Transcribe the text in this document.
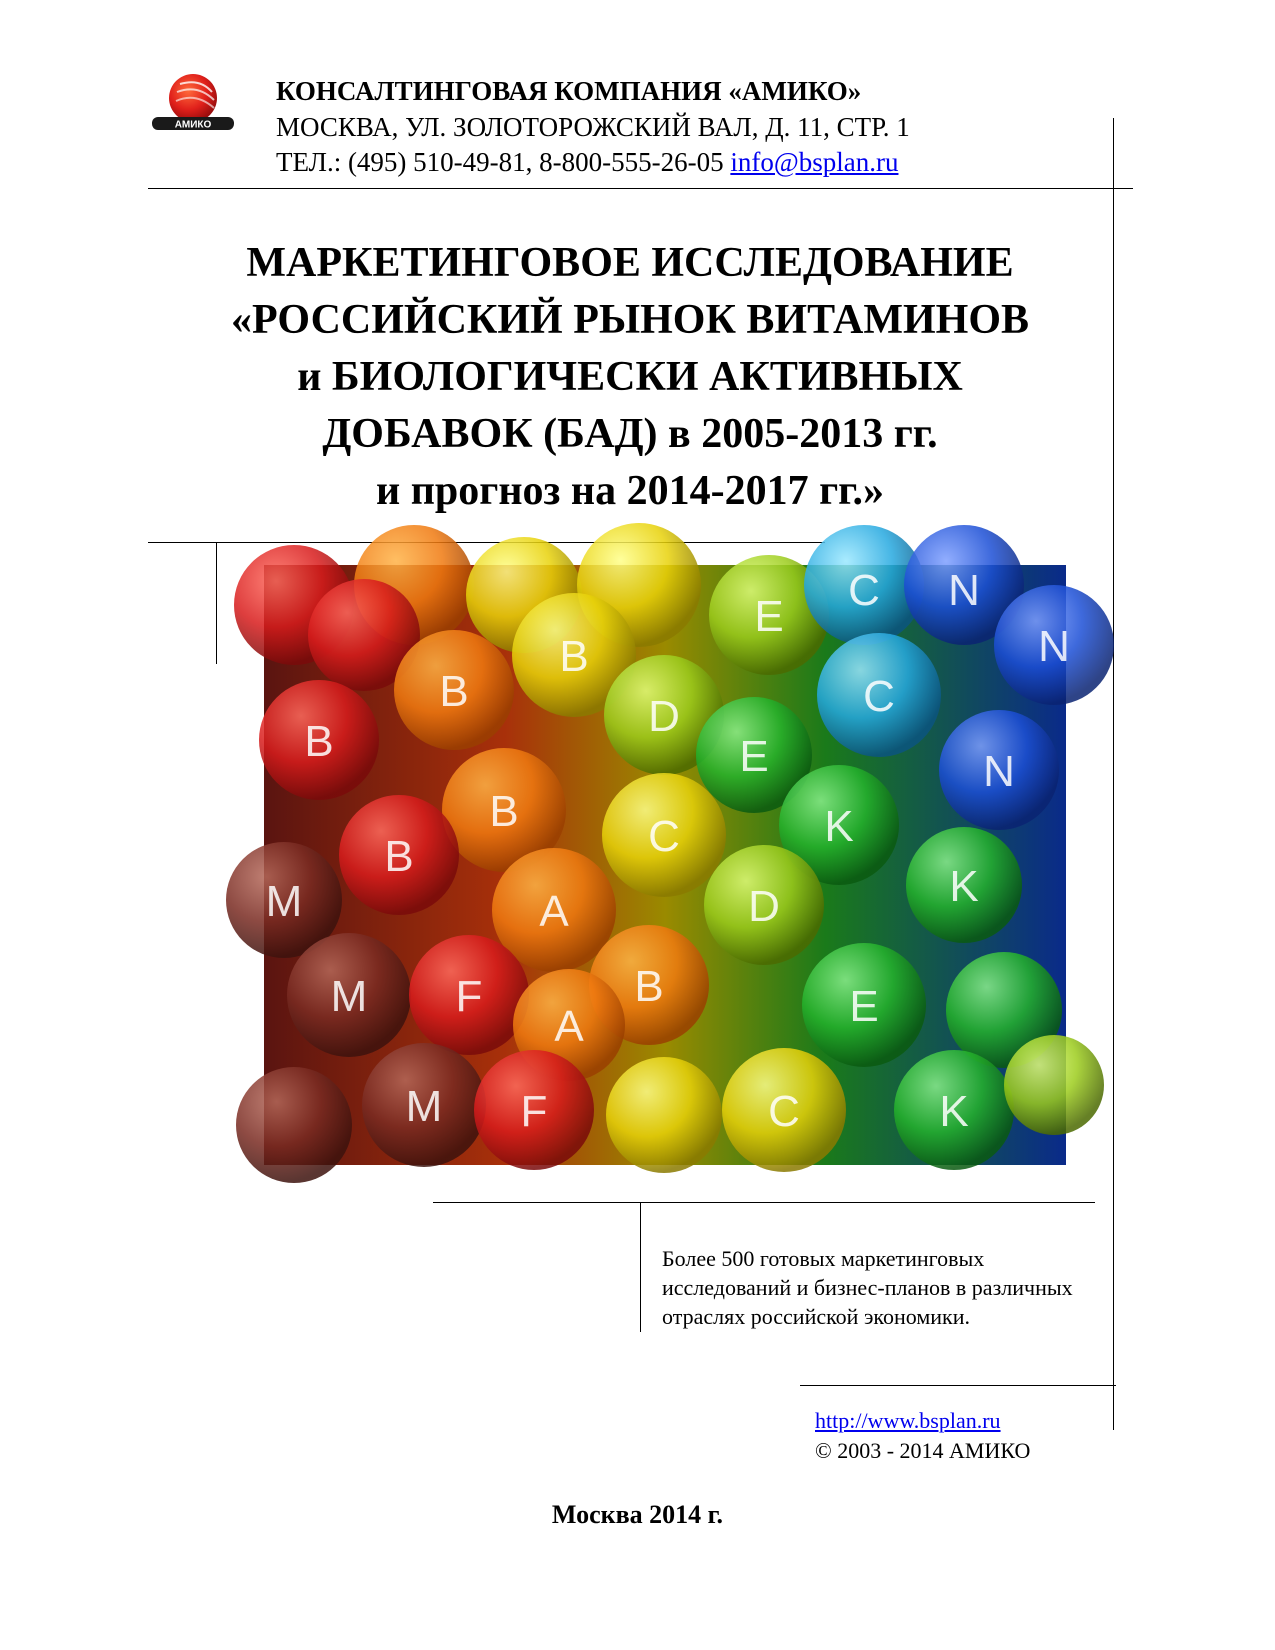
АМИКО
КОНСАЛТИНГОВАЯ КОМПАНИЯ «АМИКО»
МОСКВА, УЛ. ЗОЛОТОРОЖСКИЙ ВАЛ, Д. 11, СТР. 1
ТЕЛ.: (495) 510-49-81, 8-800-555-26-05 info@bsplan.ru
МАРКЕТИНГОВОЕ ИССЛЕДОВАНИЕ
«РОССИЙСКИЙ РЫНОК ВИТАМИНОВ
и БИОЛОГИЧЕСКИ АКТИВНЫХ
ДОБАВОК (БАД) в 2005-2013 гг.
и прогноз на 2014-2017 гг.»
E
C N
N
B
B
D
E
C
N
B
B
C	K
K
B
M	A	D
M F	B
A	E
M F	C	K
Более 500 готовых маркетинговых исследований и бизнес-планов в различных отраслях российской экономики.
http://www.bsplan.ru
© 2003 - 2014 АМИКО
Москва 2014 г.
